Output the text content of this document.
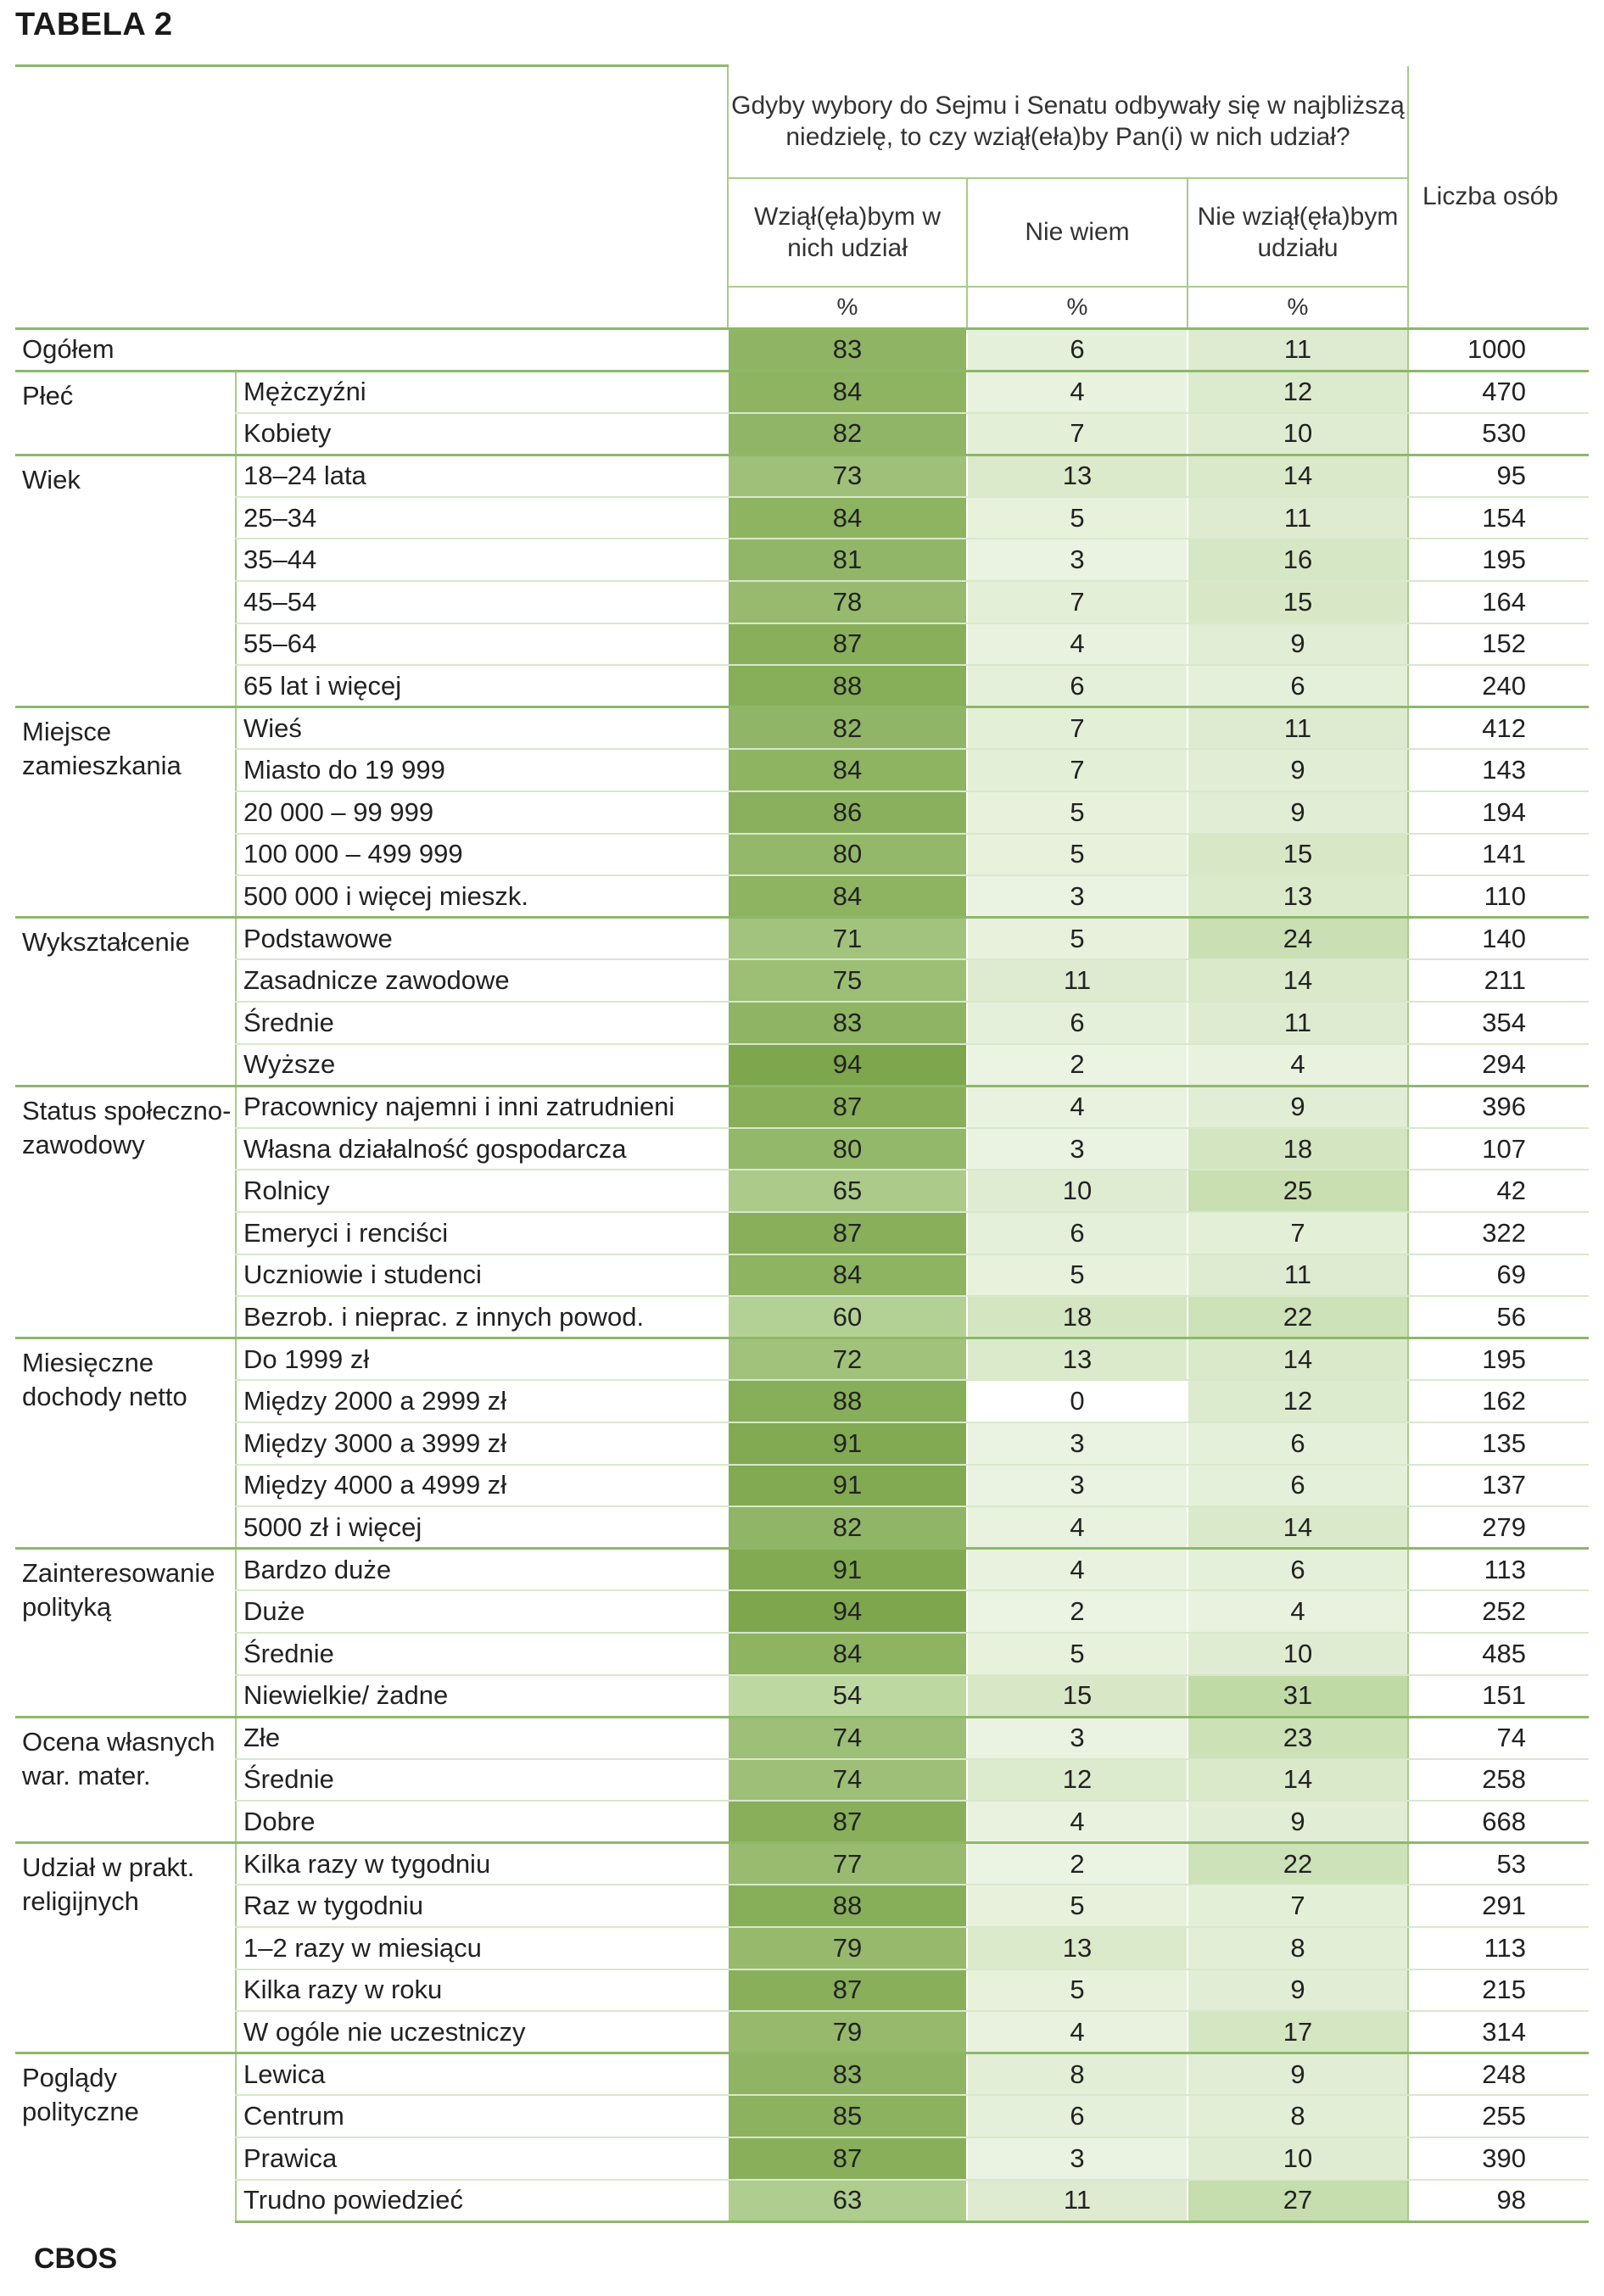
TABELA 2
		Gdyby wybory do Sejmu i Senatu odbywały się w najbliższą niedzielę, to czy wziął(eła)by Pan(i) w nich udział?			Liczba osób
		Wziął(ęła)bym w nich udział	Nie wiem	Nie wziął(ęła)bym udziału	
		%	%	%	
Ogółem		83	6	11	1000
Płeć	Mężczyźni	84	4	12	470
	Kobiety	82	7	10	530
Wiek	18–24 lata	73	13	14	95
	25–34	84	5	11	154
	35–44	81	3	16	195
	45–54	78	7	15	164
	55–64	87	4	9	152
	65 lat i więcej	88	6	6	240
Miejsce zamieszkania	Wieś	82	7	11	412
	Miasto do 19 999	84	7	9	143
	20 000 – 99 999	86	5	9	194
	100 000 – 499 999	80	5	15	141
	500 000 i więcej mieszk.	84	3	13	110
Wykształcenie	Podstawowe	71	5	24	140
	Zasadnicze zawodowe	75	11	14	211
	Średnie	83	6	11	354
	Wyższe	94	2	4	294
Status społeczno-zawodowy	Pracownicy najemni i inni zatrudnieni	87	4	9	396
	Własna działalność gospodarcza	80	3	18	107
	Rolnicy	65	10	25	42
	Emeryci i renciści	87	6	7	322
	Uczniowie i studenci	84	5	11	69
	Bezrob. i nieprac. z innych powod.	60	18	22	56
Miesięczne dochody netto	Do 1999 zł	72	13	14	195
	Między 2000 a 2999 zł	88	0	12	162
	Między 3000 a 3999 zł	91	3	6	135
	Między 4000 a 4999 zł	91	3	6	137
	5000 zł i więcej	82	4	14	279
Zainteresowanie polityką	Bardzo duże	91	4	6	113
	Duże	94	2	4	252
	Średnie	84	5	10	485
	Niewielkie/ żadne	54	15	31	151
Ocena własnych war. mater.	Złe	74	3	23	74
	Średnie	74	12	14	258
	Dobre	87	4	9	668
Udział w prakt. religijnych	Kilka razy w tygodniu	77	2	22	53
	Raz w tygodniu	88	5	7	291
	1–2 razy w miesiącu	79	13	8	113
	Kilka razy w roku	87	5	9	215
	W ogóle nie uczestniczy	79	4	17	314
Poglądy polityczne	Lewica	83	8	9	248
	Centrum	85	6	8	255
	Prawica	87	3	10	390
	Trudno powiedzieć	63	11	27	98
CBOS
